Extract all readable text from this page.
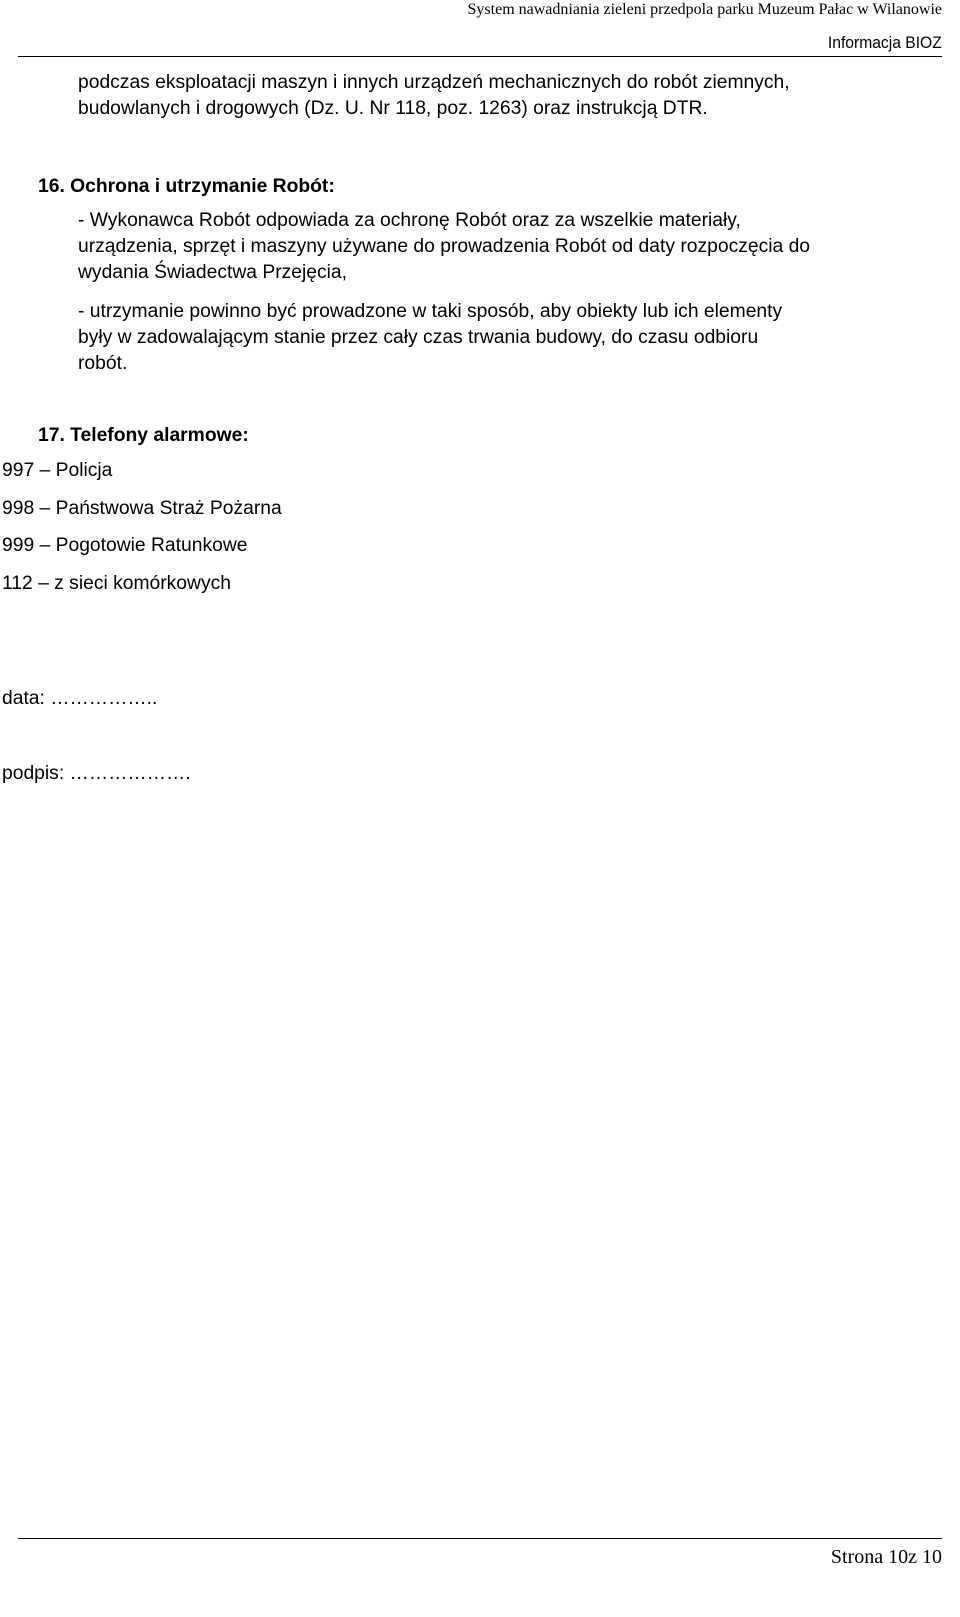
System nawadniania zieleni przedpola parku Muzeum Pałac w Wilanowie
Informacja BIOZ

podczas eksploatacji maszyn i innych urządzeń mechanicznych do robót ziemnych,

budowlanych i drogowych (Dz. U. Nr 118, poz. 1263) oraz instrukcją DTR.

16. Ochrona i utrzymanie Robót:

- Wykonawca Robót odpowiada za ochronę Robót oraz za wszelkie materiały,
urządzenia, sprzęt i maszyny używane do prowadzenia Robót od daty rozpoczęcia do
wydania Świadectwa Przejęcia,

- utrzymanie powinno być prowadzone w taki sposób, aby obiekty lub ich elementy
były w zadowalającym stanie przez cały czas trwania budowy, do czasu odbioru
robót.

17. Telefony alarmowe:

997 – Policja

998 – Państwowa Straż Pożarna

999 – Pogotowie Ratunkowe

112 – z sieci komórkowych

data: ……………..
podpis: ……………….
Strona 10z 10
